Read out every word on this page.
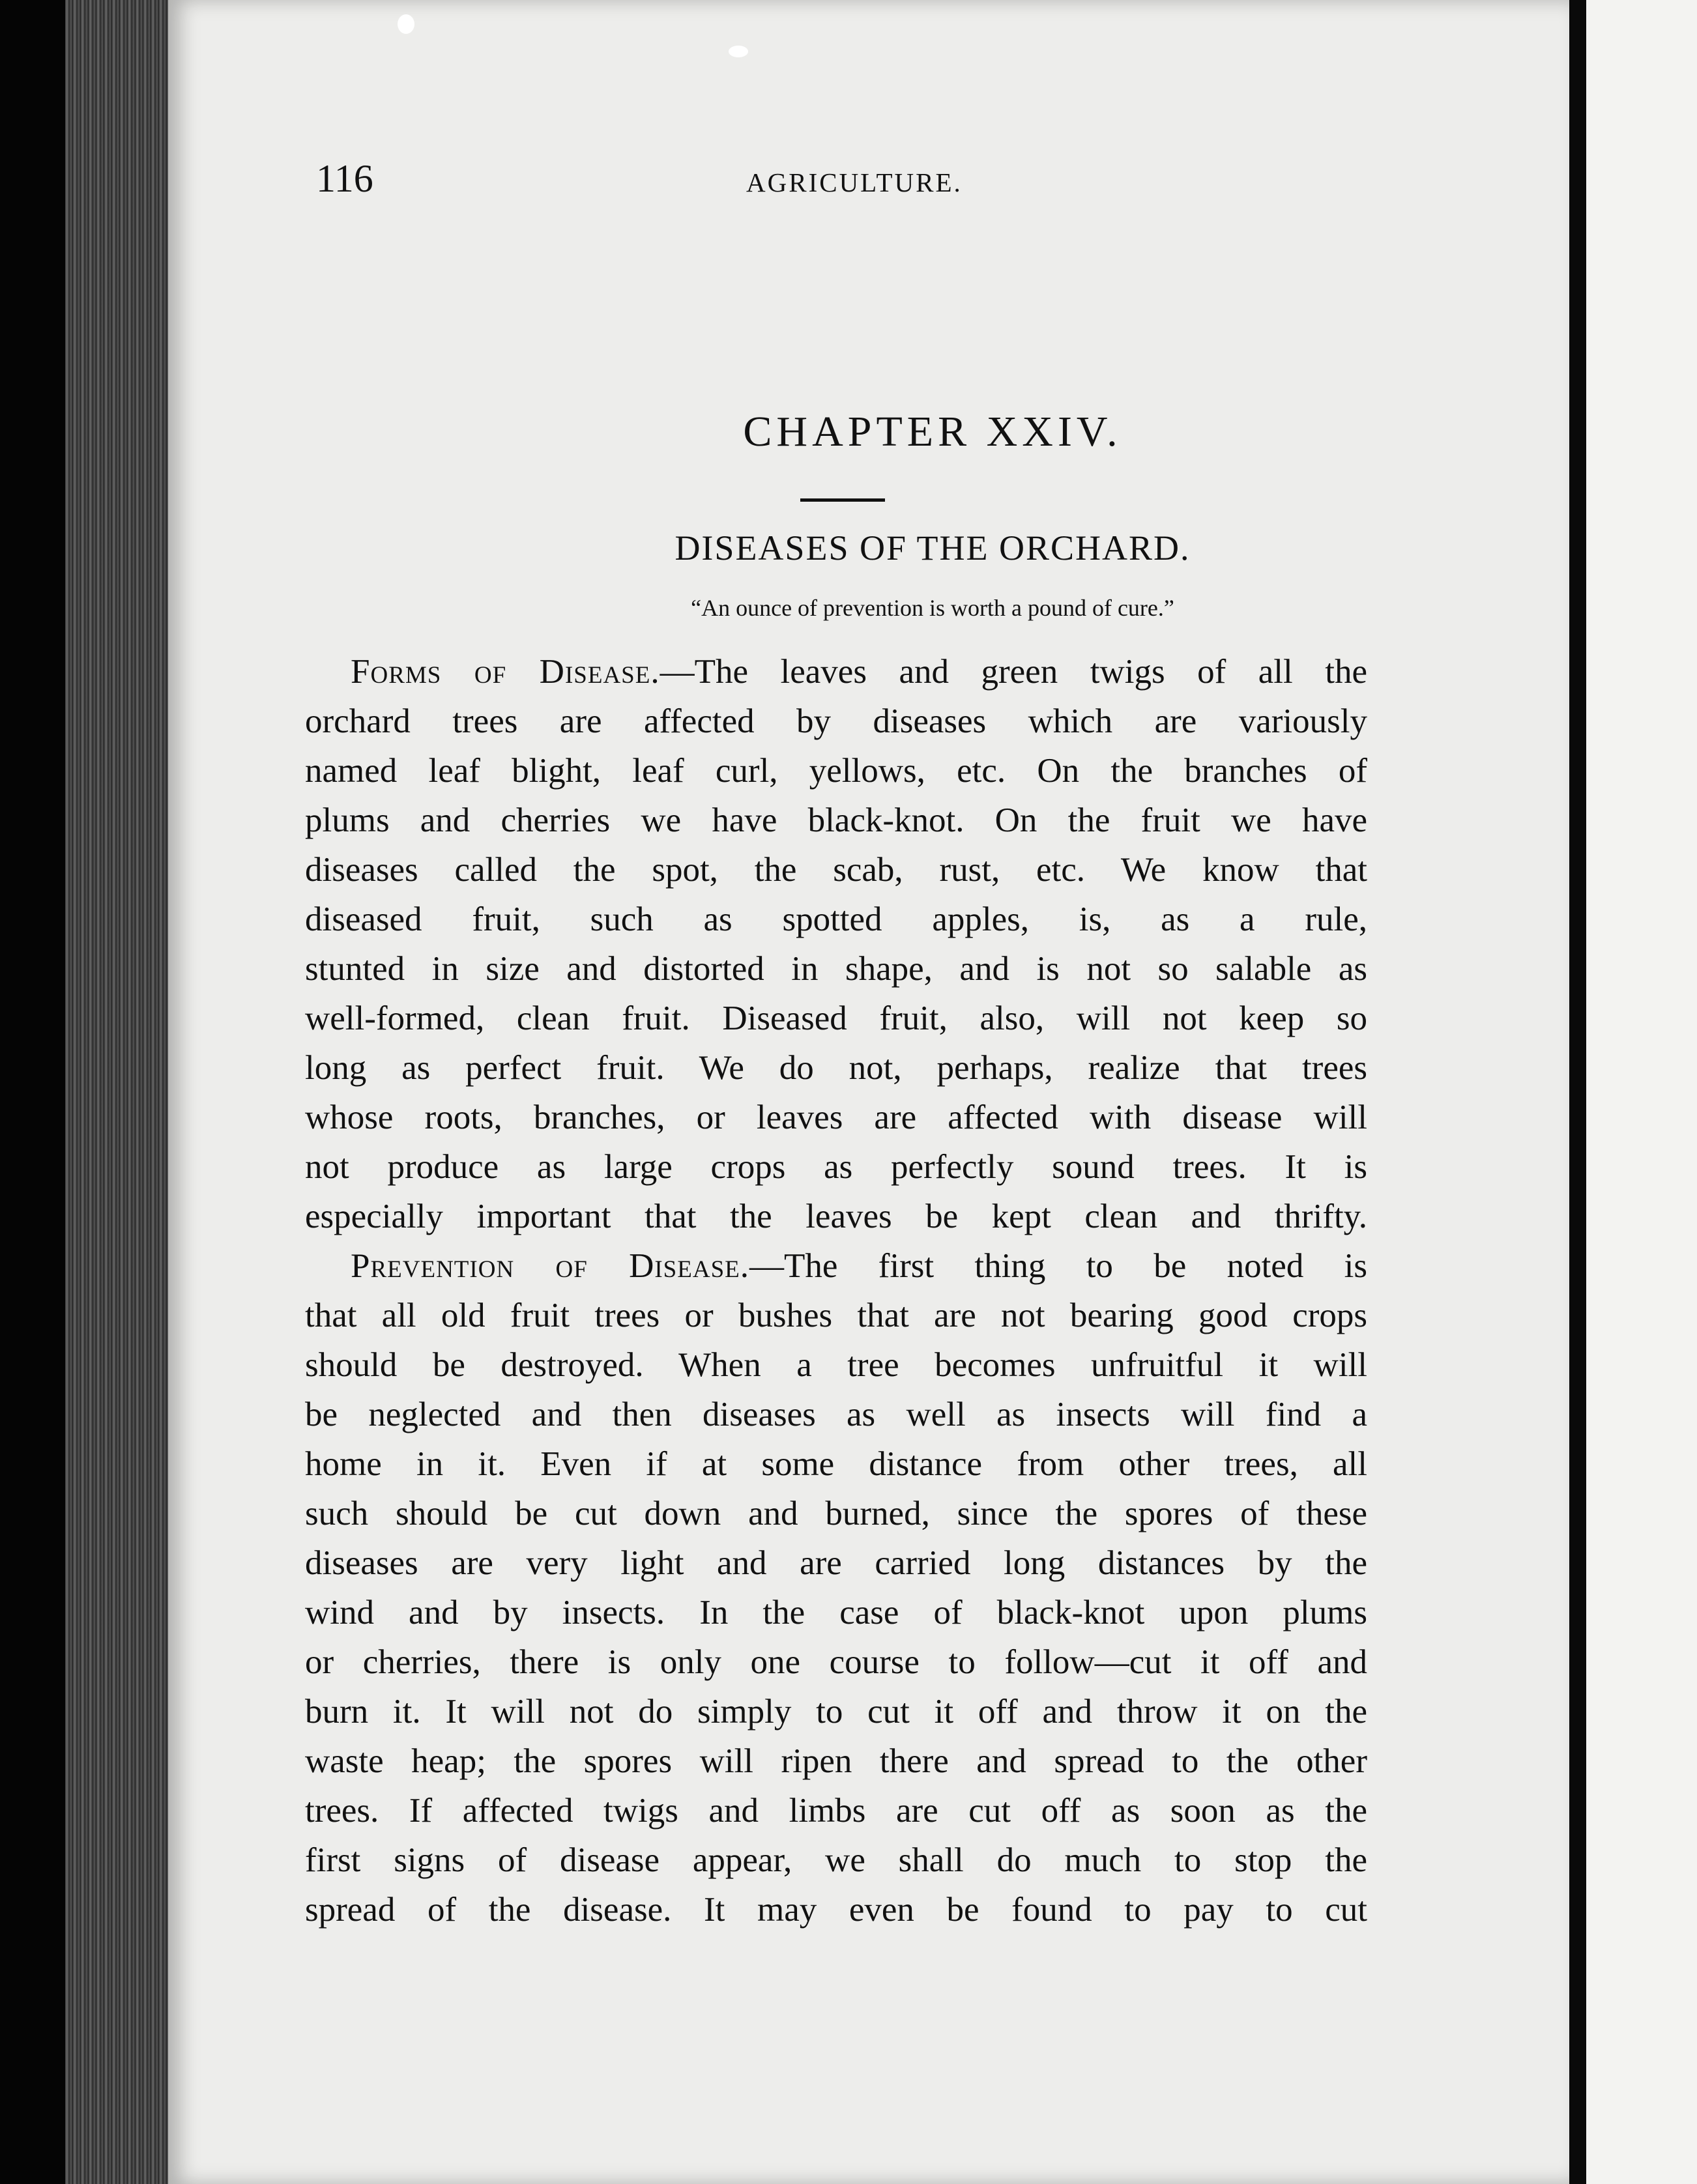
116	AGRICULTURE.
CHAPTER XXIV.
DISEASES OF THE ORCHARD.
“An ounce of prevention is worth a pound of cure.”
Forms of Disease.—The leaves and green twigs of all the
orchard trees are affected by diseases which are variously
named leaf blight, leaf curl, yellows, etc. On the branches of
plums and cherries we have black-knot. On the fruit we have
diseases called the spot, the scab, rust, etc. We know that
diseased fruit, such as spotted apples, is, as a rule,
stunted in size and distorted in shape, and is not so salable as
well-formed, clean fruit. Diseased fruit, also, will not keep so
long as perfect fruit. We do not, perhaps, realize that trees
whose roots, branches, or leaves are affected with disease will
not produce as large crops as perfectly sound trees. It is
especially important that the leaves be kept clean and thrifty.
Prevention of Disease.—The first thing to be noted is
that all old fruit trees or bushes that are not bearing good crops
should be destroyed. When a tree becomes unfruitful it will
be neglected and then diseases as well as insects will find a
home in it. Even if at some distance from other trees, all
such should be cut down and burned, since the spores of these
diseases are very light and are carried long distances by the
wind and by insects. In the case of black-knot upon plums
or cherries, there is only one course to follow—cut it off and
burn it. It will not do simply to cut it off and throw it on the
waste heap; the spores will ripen there and spread to the other
trees. If affected twigs and limbs are cut off as soon as the
first signs of disease appear, we shall do much to stop the
spread of the disease. It may even be found to pay to cut
